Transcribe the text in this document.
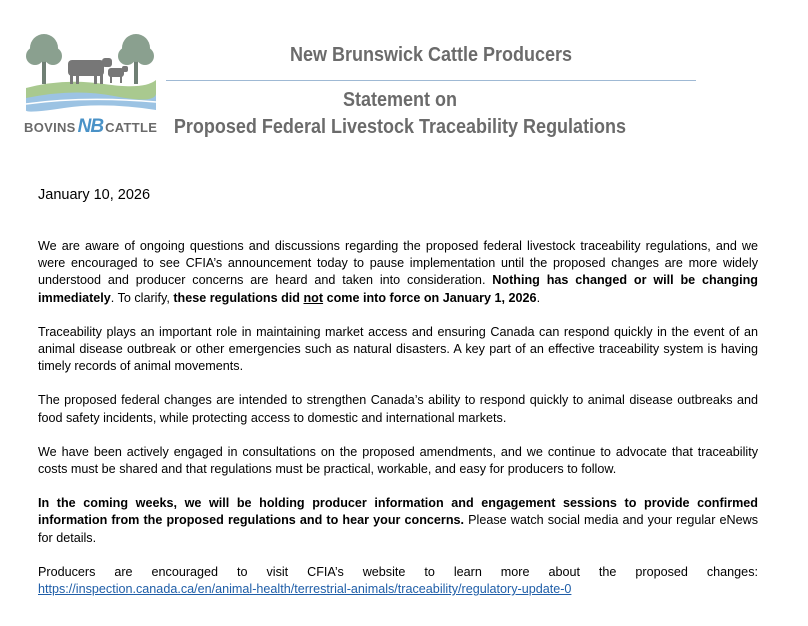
BOVINS NB CATTLE
New Brunswick Cattle Producers
Statement on
Proposed Federal Livestock Traceability Regulations
January 10, 2026

We are aware of ongoing questions and discussions regarding the proposed federal livestock traceability regulations, and we were encouraged to see CFIA’s announcement today to pause implementation until the proposed changes are more widely understood and producer concerns are heard and taken into consideration. Nothing has changed or will be changing immediately. To clarify, these regulations did not come into force on January 1, 2026.

Traceability plays an important role in maintaining market access and ensuring Canada can respond quickly in the event of an animal disease outbreak or other emergencies such as natural disasters. A key part of an effective traceability system is having timely records of animal movements.

The proposed federal changes are intended to strengthen Canada’s ability to respond quickly to animal disease outbreaks and food safety incidents, while protecting access to domestic and international markets.

We have been actively engaged in consultations on the proposed amendments, and we continue to advocate that traceability costs must be shared and that regulations must be practical, workable, and easy for producers to follow.

In the coming weeks, we will be holding producer information and engagement sessions to provide confirmed information from the proposed regulations and to hear your concerns. Please watch social media and your regular eNews for details.

Producers are encouraged to visit CFIA’s website to learn more about the proposed changes: https://inspection.canada.ca/en/animal-health/terrestrial-animals/traceability/regulatory-update-0
